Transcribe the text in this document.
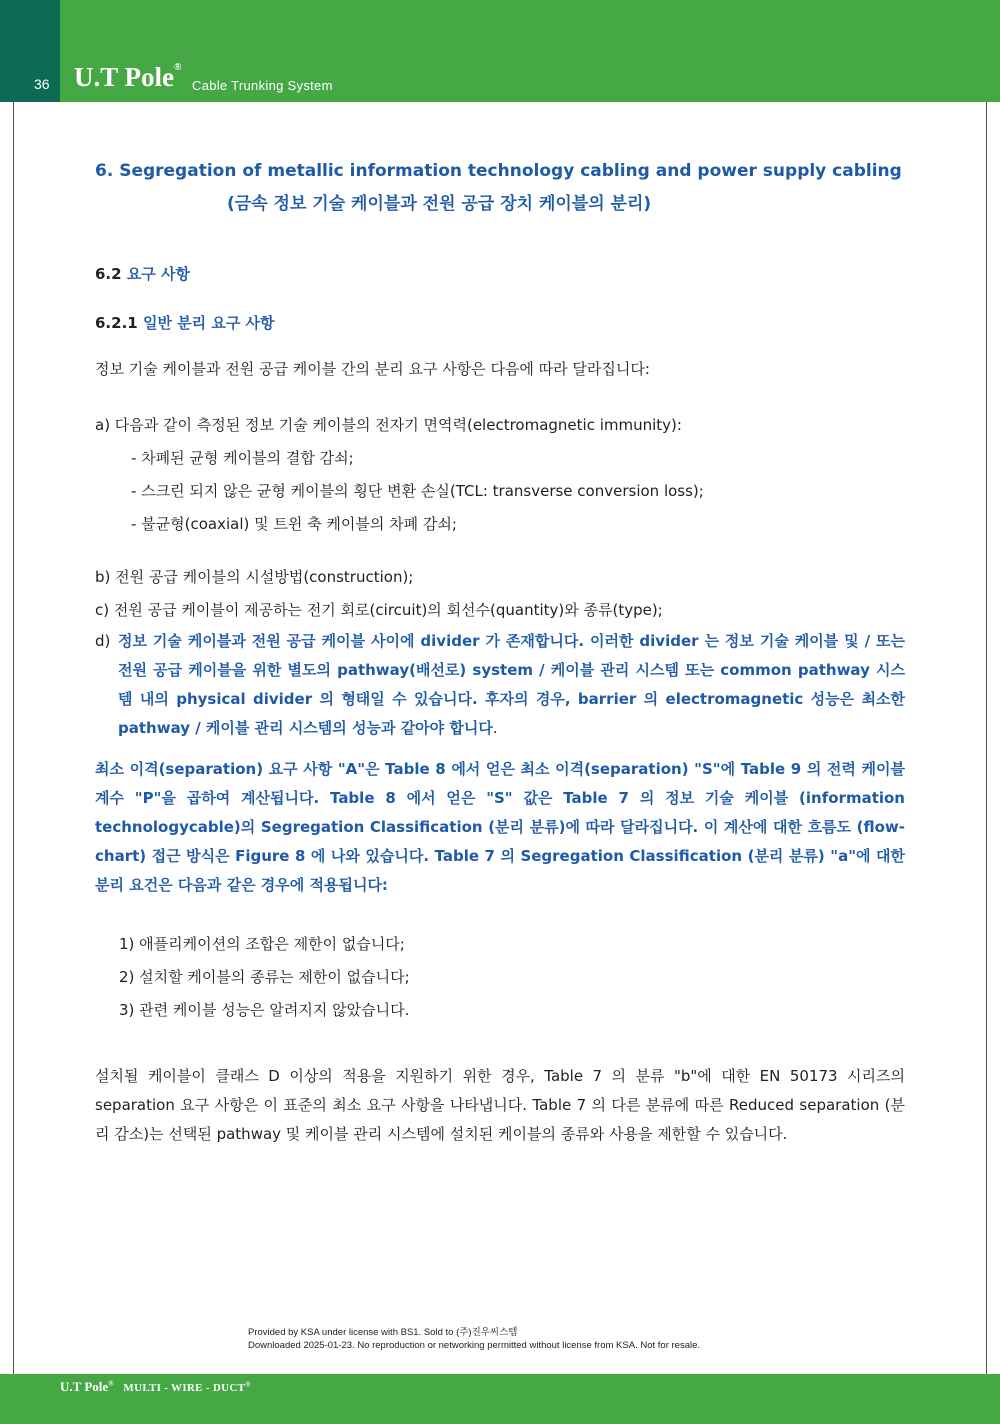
36 U.T Pole®
Cable Trunking System
6. Segregation of metallic information technology cabling and power supply cabling
(금속 정보 기술 케이블과 전원 공급 장치 케이블의 분리)
6.2 요구 사항
6.2.1 일반 분리 요구 사항
정보 기술 케이블과 전원 공급 케이블 간의 분리 요구 사항은 다음에 따라 달라집니다:
a) 다음과 같이 측정된 정보 기술 케이블의 전자기 면역력(electromagnetic immunity):
- 차폐된 균형 케이블의 결합 감쇠;
- 스크린 되지 않은 균형 케이블의 횡단 변환 손실(TCL: transverse conversion loss);
- 불균형(coaxial) 및 트윈 축 케이블의 차폐 감쇠;
b) 전원 공급 케이블의 시설방법(construction);
c) 전원 공급 케이블이 제공하는 전기 회로(circuit)의 회선수(quantity)와 종류(type);
d) 정보 기술 케이블과 전원 공급 케이블 사이에 divider 가 존재합니다. 이러한 divider 는 정보 기술 케이블 및 / 또는 전원 공급 케이블을 위한 별도의 pathway(배선로) system / 케이블 관리 시스템 또는 common pathway 시스템 내의 physical divider 의 형태일 수 있습니다. 후자의 경우, barrier 의 electromagnetic 성능은 최소한 pathway / 케이블 관리 시스템의 성능과 같아야 합니다.
최소 이격(separation) 요구 사항 "A"은 Table 8 에서 얻은 최소 이격(separation) "S"에 Table 9 의 전력 케이블 계수 "P"을 곱하여 계산됩니다. Table 8 에서 얻은 "S" 값은 Table 7 의 정보 기술 케이블 (information technologycable)의 Segregation Classification (분리 분류)에 따라 달라집니다. 이 계산에 대한 흐름도 (flow-chart) 접근 방식은 Figure 8 에 나와 있습니다. Table 7 의 Segregation Classification (분리 분류) "a"에 대한 분리 요건은 다음과 같은 경우에 적용됩니다:
1) 애플리케이션의 조합은 제한이 없습니다;
2) 설치할 케이블의 종류는 제한이 없습니다;
3) 관련 케이블 성능은 알려지지 않았습니다.
설치될 케이블이 클래스 D 이상의 적용을 지원하기 위한 경우, Table 7 의 분류 "b"에 대한 EN 50173 시리즈의 separation 요구 사항은 이 표준의 최소 요구 사항을 나타냅니다. Table 7 의 다른 분류에 따른 Reduced separation (분리 감소)는 선택된 pathway 및 케이블 관리 시스템에 설치된 케이블의 종류와 사용을 제한할 수 있습니다.
Provided by KSA under license with BS1. Sold to (주)진우씨스템
Downloaded 2025-01-23. No reproduction or networking permitted without license from KSA. Not for resale.
U.T Pole® MULTI - WIRE - DUCT®
